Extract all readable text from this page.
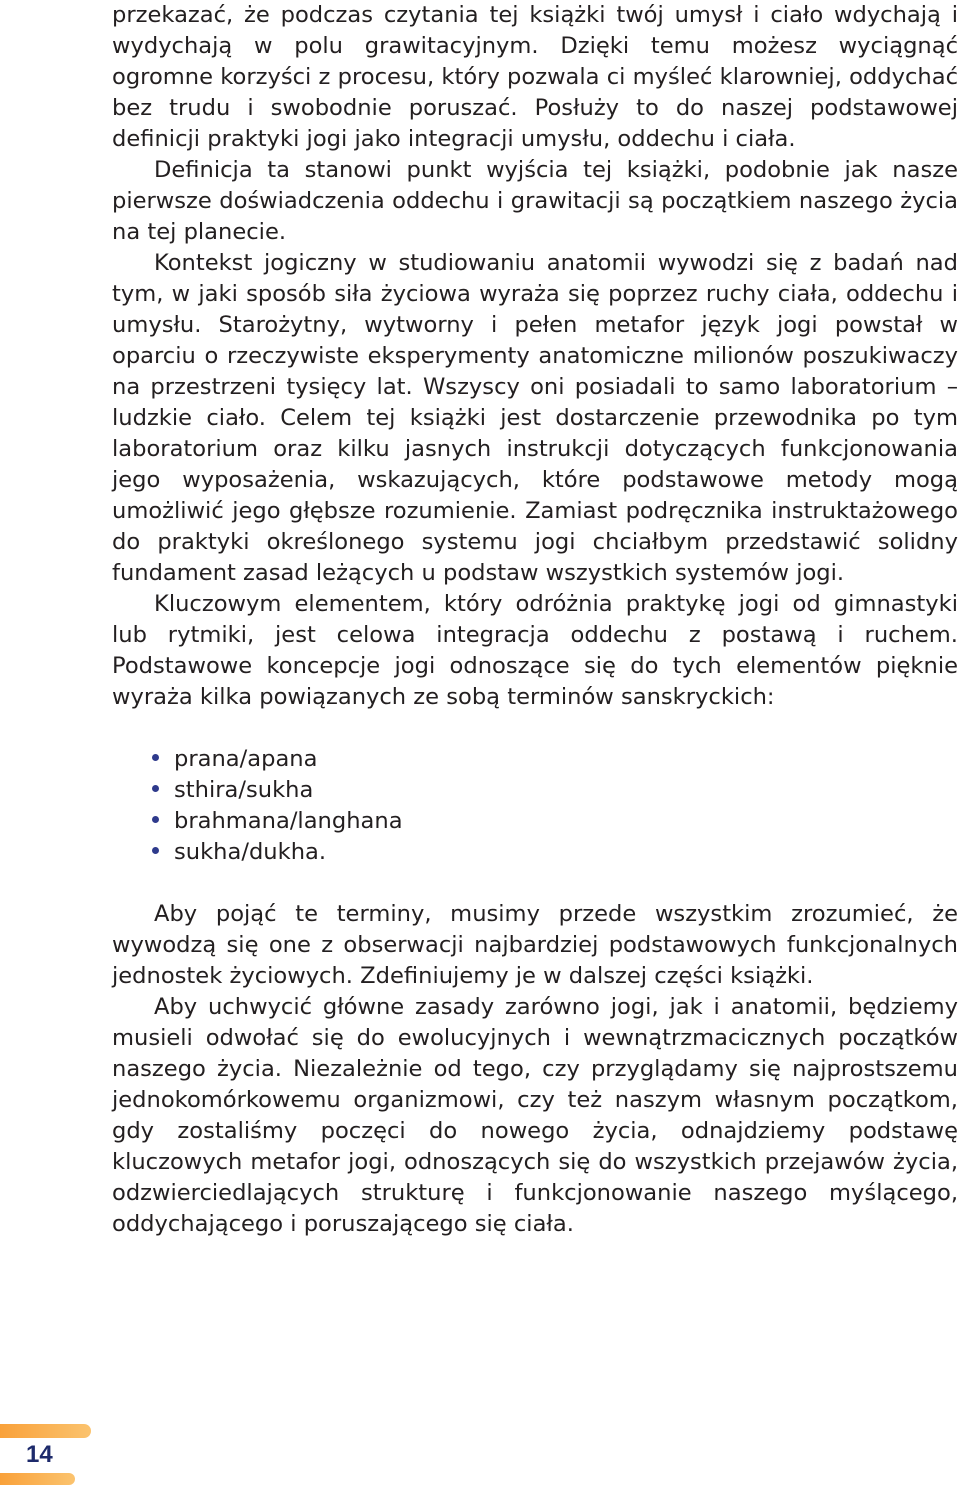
przekazać, że podczas czytania tej książki twój umysł i ciało wdychają i wydychają w polu grawitacyjnym. Dzięki temu możesz wyciągnąć ogromne korzyści z procesu, który pozwala ci myśleć klarowniej, oddychać bez trudu i swobodnie poruszać. Posłuży to do naszej podstawowej definicji praktyki jogi jako integracji umysłu, oddechu i ciała.

Definicja ta stanowi punkt wyjścia tej książki, podobnie jak nasze pierwsze doświadczenia oddechu i grawitacji są początkiem naszego życia na tej planecie.

Kontekst jogiczny w studiowaniu anatomii wywodzi się z badań nad tym, w jaki sposób siła życiowa wyraża się poprzez ruchy ciała, oddechu i umysłu. Starożytny, wytworny i pełen metafor język jogi powstał w oparciu o rzeczywiste eksperymenty anatomiczne milionów poszukiwaczy na przestrzeni tysięcy lat. Wszyscy oni posiadali to samo laboratorium – ludzkie ciało. Celem tej książki jest dostarczenie przewodnika po tym laboratorium oraz kilku jasnych instrukcji dotyczących funkcjonowania jego wyposażenia, wskazujących, które podstawowe metody mogą umożliwić jego głębsze rozumienie. Zamiast podręcznika instruktażowego do praktyki określonego systemu jogi chciałbym przedstawić solidny fundament zasad leżących u podstaw wszystkich systemów jogi.

Kluczowym elementem, który odróżnia praktykę jogi od gimnastyki lub rytmiki, jest celowa integracja oddechu z postawą i ruchem. Podstawowe koncepcje jogi odnoszące się do tych elementów pięknie wyraża kilka powiązanych ze sobą terminów sanskryckich:

prana/apana
sthira/sukha
brahmana/langhana
sukha/dukha.

Aby pojąć te terminy, musimy przede wszystkim zrozumieć, że wywodzą się one z obserwacji najbardziej podstawowych funkcjonalnych jednostek życiowych. Zdefiniujemy je w dalszej części książki.

Aby uchwycić główne zasady zarówno jogi, jak i anatomii, będziemy musieli odwołać się do ewolucyjnych i wewnątrzmacicznych początków naszego życia. Niezależnie od tego, czy przyglądamy się najprostszemu jednokomórkowemu organizmowi, czy też naszym własnym początkom, gdy zostaliśmy poczęci do nowego życia, odnajdziemy podstawę kluczowych metafor jogi, odnoszących się do wszystkich przejawów życia, odzwierciedlających strukturę i funkcjonowanie naszego myślącego, oddychającego i poruszającego się ciała.

14
